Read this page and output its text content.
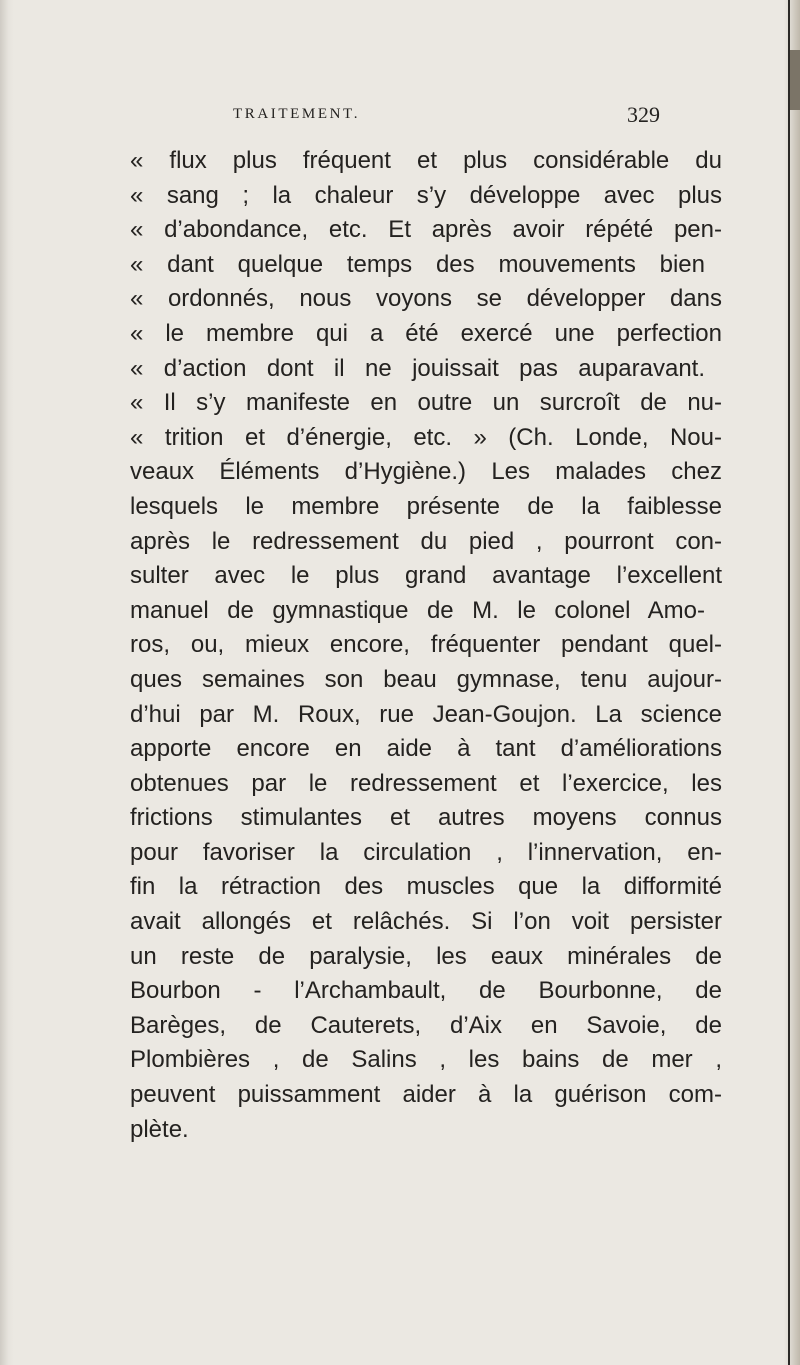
TRAITEMENT.	329
« flux plus fréquent et plus considérable du
« sang ; la chaleur s’y développe avec plus
« d’abondance, etc. Et après avoir répété pen-
« dant quelque temps des mouvements bien
« ordonnés, nous voyons se développer dans
« le membre qui a été exercé une perfection
« d’action dont il ne jouissait pas auparavant.
« Il s’y manifeste en outre un surcroît de nu-
« trition et d’énergie, etc. » (Ch. Londe, Nou-
veaux Éléments d’Hygiène.) Les malades chez
lesquels le membre présente de la faiblesse
après le redressement du pied , pourront con-
sulter avec le plus grand avantage l’excellent
manuel de gymnastique de M. le colonel Amo-
ros, ou, mieux encore, fréquenter pendant quel-
ques semaines son beau gymnase, tenu aujour-
d’hui par M. Roux, rue Jean-Goujon. La science
apporte encore en aide à tant d’améliorations
obtenues par le redressement et l’exercice, les
frictions stimulantes et autres moyens connus
pour favoriser la circulation , l’innervation, en-
fin la rétraction des muscles que la difformité
avait allongés et relâchés. Si l’on voit persister
un reste de paralysie, les eaux minérales de
Bourbon - l’Archambault, de Bourbonne, de
Barèges, de Cauterets, d’Aix en Savoie, de
Plombières , de Salins , les bains de mer ,
peuvent puissamment aider à la guérison com-
plète.
